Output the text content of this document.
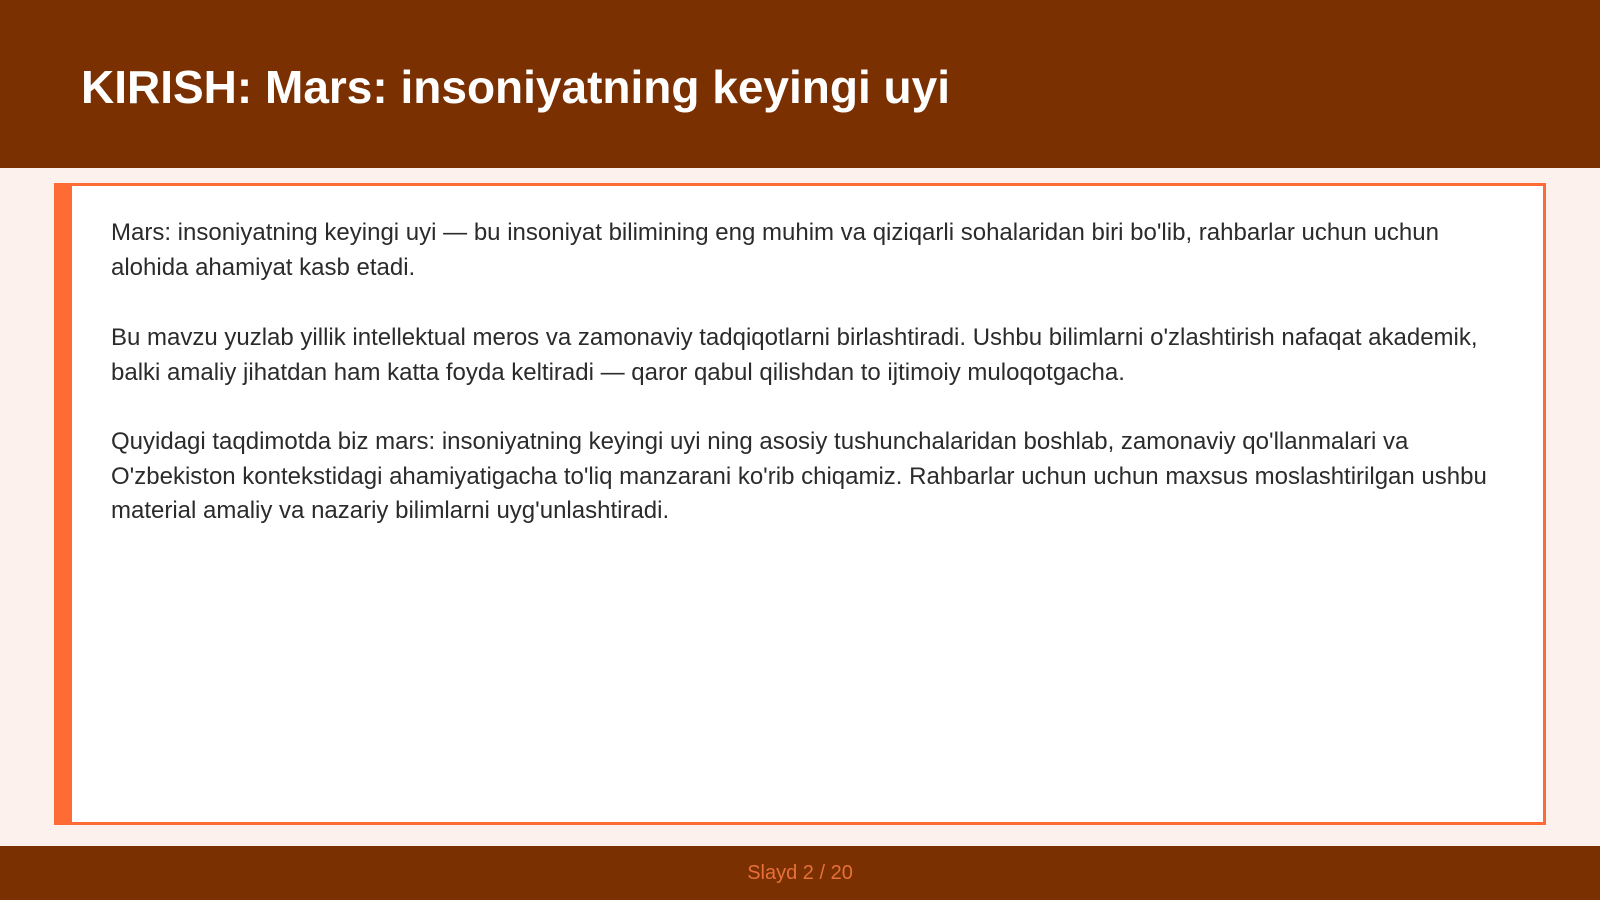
KIRISH: Mars: insoniyatning keyingi uyi

Mars: insoniyatning keyingi uyi — bu insoniyat bilimining eng muhim va qiziqarli sohalaridan biri bo'lib, rahbarlar uchun uchun alohida ahamiyat kasb etadi.

Bu mavzu yuzlab yillik intellektual meros va zamonaviy tadqiqotlarni birlashtiradi. Ushbu bilimlarni o'zlashtirish nafaqat akademik, balki amaliy jihatdan ham katta foyda keltiradi — qaror qabul qilishdan to ijtimoiy muloqotgacha.

Quyidagi taqdimotda biz mars: insoniyatning keyingi uyi ning asosiy tushunchalaridan boshlab, zamonaviy qo'llanmalari va O'zbekiston kontekstidagi ahamiyatigacha to'liq manzarani ko'rib chiqamiz. Rahbarlar uchun uchun maxsus moslashtirilgan ushbu material amaliy va nazariy bilimlarni uyg'unlashtiradi.

Slayd 2 / 20
